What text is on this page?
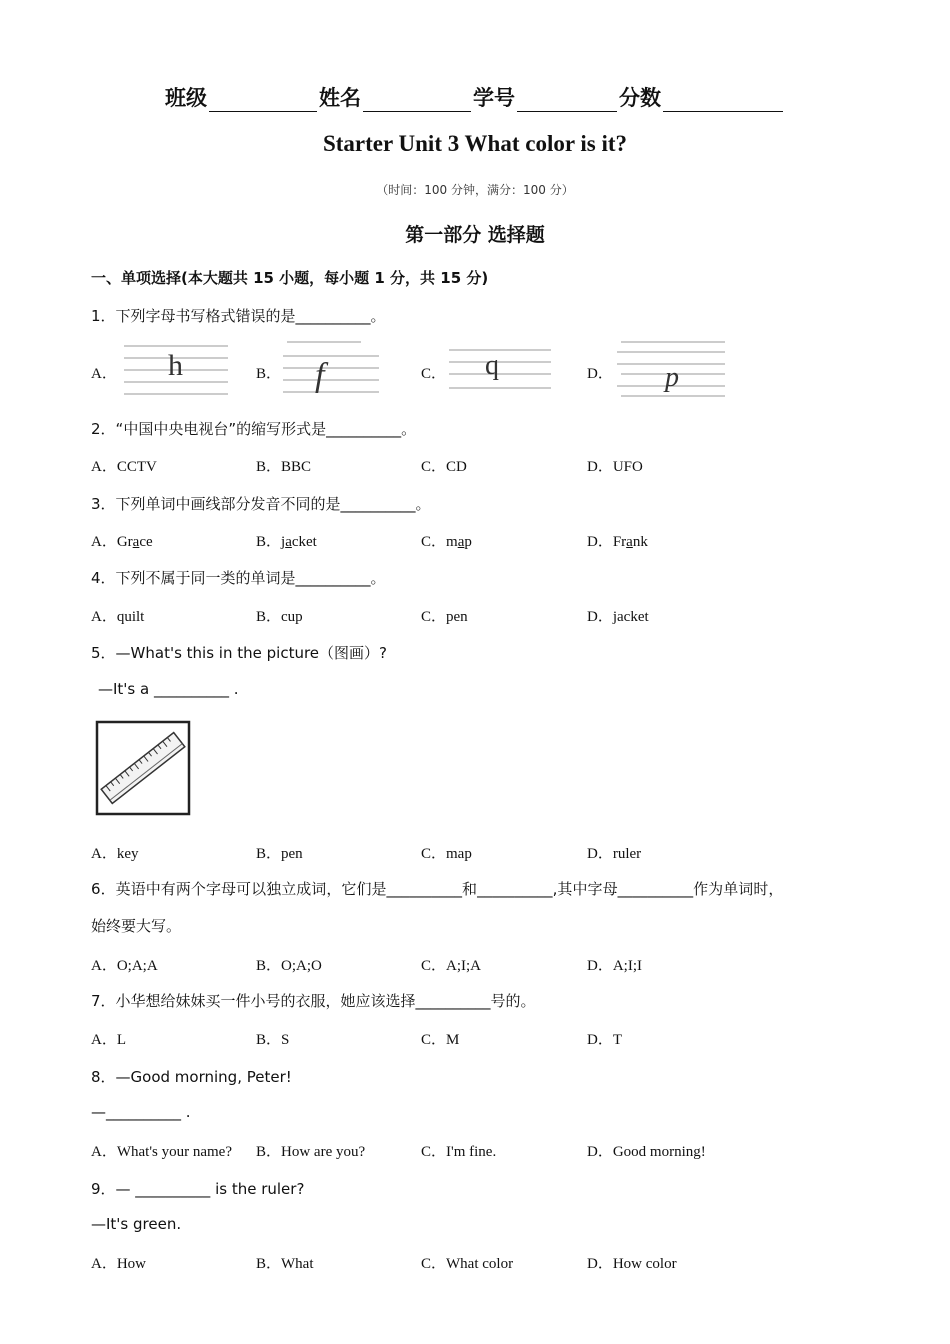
班级	姓名	学号	分数
Starter Unit 3 What color is it?
（时间：100 分钟，满分：100 分）
第一部分 选择题
一、单项选择(本大题共 15 小题，每小题 1 分，共 15 分)
1．下列字母书写格式错误的是__________。
A．	B．	C．	D．
h	f	q	p
2．“中国中央电视台”的缩写形式是__________。
A．CCTV	B．BBC	C．CD	D．UFO
3．下列单词中画线部分发音不同的是__________。
A．Grace	B．jacket	C．map	D．Frank
4．下列不属于同一类的单词是__________。
A．quilt	B．cup	C．pen	D．jacket
5．—What's this in the picture（图画）?
—It's a __________ .
A．key	B．pen	C．map	D．ruler
6．英语中有两个字母可以独立成词，它们是__________和__________,其中字母__________作为单词时，
始终要大写。
A．O;A;A	B．O;A;O	C．A;I;A	D．A;I;I
7．小华想给妹妹买一件小号的衣服，她应该选择__________号的。
A．L	B．S	C．M	D．T
8．—Good morning, Peter!
—__________ .
A．What's your name? B．How are you?	C．I'm fine.	D．Good morning!
9．— __________ is the ruler?
—It's green.
A．How	B．What	C．What color	D．How color
